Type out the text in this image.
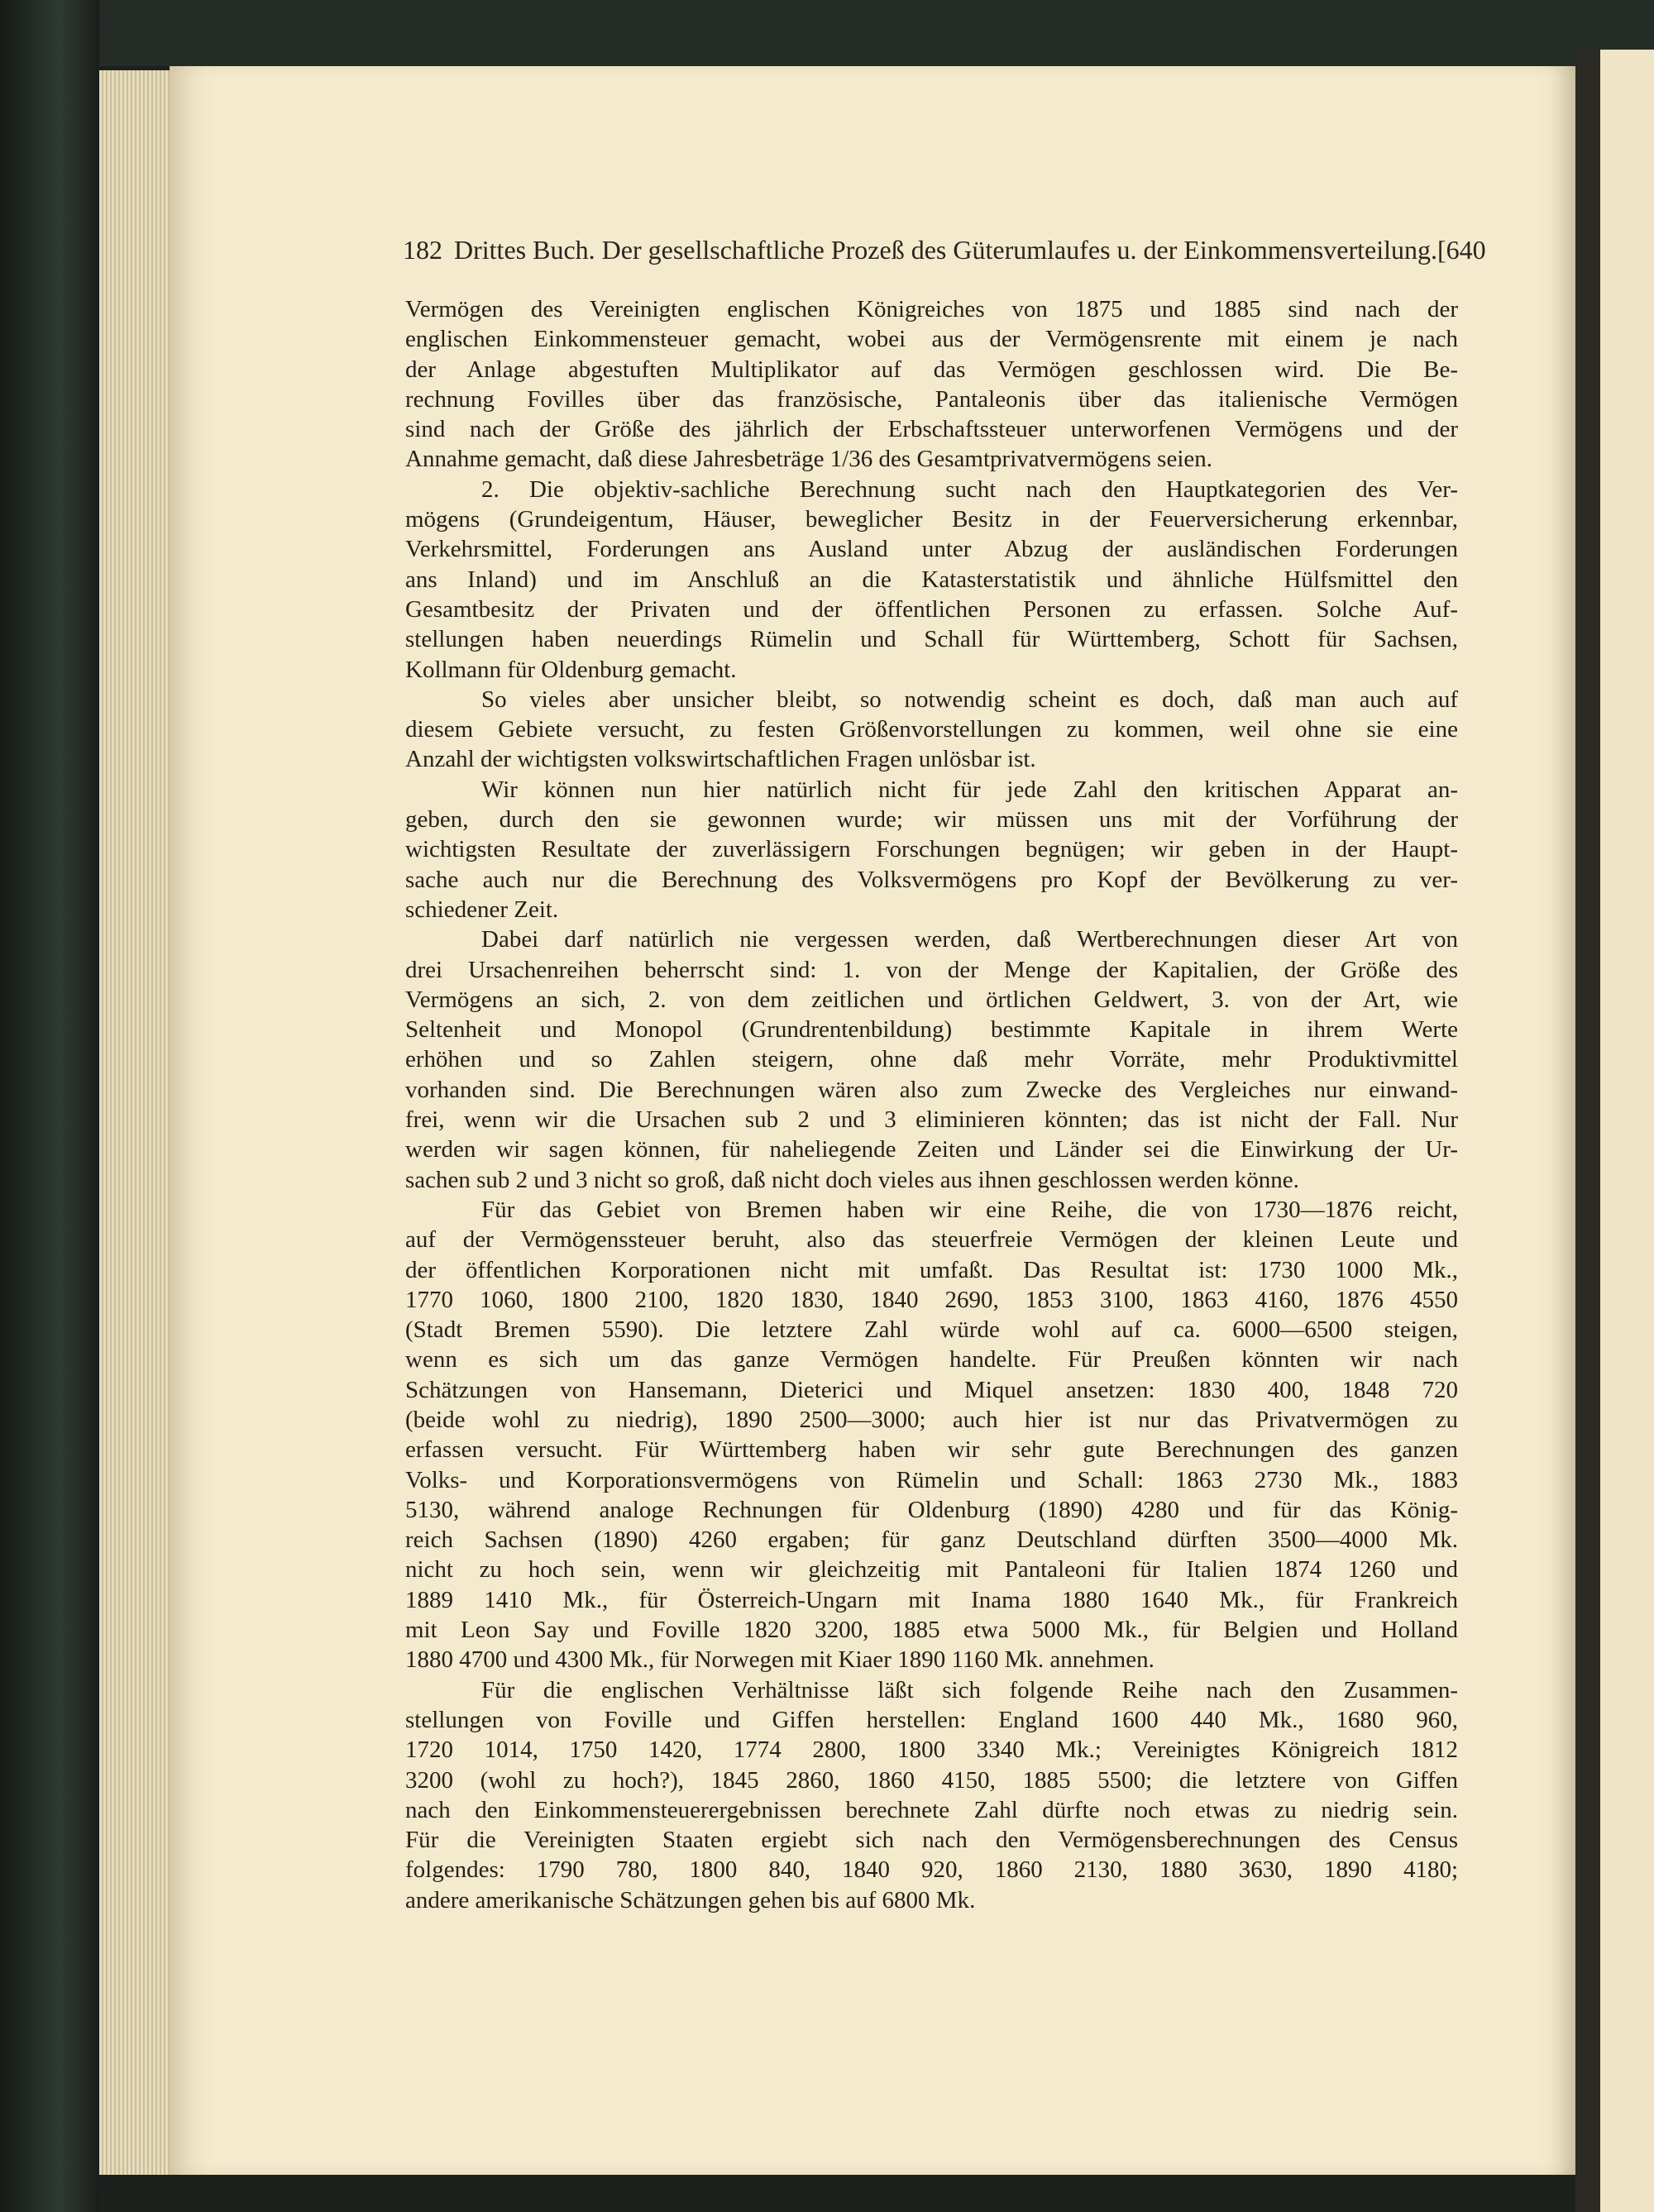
182 Drittes Buch. Der gesellschaftliche Prozeß des Güterumlaufes u. der Einkommensverteilung. [640
Vermögen des Vereinigten englischen Königreiches von 1875 und 1885 sind nach der
englischen Einkommensteuer gemacht, wobei aus der Vermögensrente mit einem je nach
der Anlage abgestuften Multiplikator auf das Vermögen geschlossen wird. Die Be-
rechnung Fovilles über das französische, Pantaleonis über das italienische Vermögen
sind nach der Größe des jährlich der Erbschaftssteuer unterworfenen Vermögens und der
Annahme gemacht, daß diese Jahresbeträge 1/36 des Gesamtprivatvermögens seien.
2. Die objektiv-sachliche Berechnung sucht nach den Hauptkategorien des Ver-
mögens (Grundeigentum, Häuser, beweglicher Besitz in der Feuerversicherung erkennbar,
Verkehrsmittel, Forderungen ans Ausland unter Abzug der ausländischen Forderungen
ans Inland) und im Anschluß an die Katasterstatistik und ähnliche Hülfsmittel den
Gesamtbesitz der Privaten und der öffentlichen Personen zu erfassen. Solche Auf-
stellungen haben neuerdings Rümelin und Schall für Württemberg, Schott für Sachsen,
Kollmann für Oldenburg gemacht.
So vieles aber unsicher bleibt, so notwendig scheint es doch, daß man auch auf
diesem Gebiete versucht, zu festen Größenvorstellungen zu kommen, weil ohne sie eine
Anzahl der wichtigsten volkswirtschaftlichen Fragen unlösbar ist.
Wir können nun hier natürlich nicht für jede Zahl den kritischen Apparat an-
geben, durch den sie gewonnen wurde; wir müssen uns mit der Vorführung der
wichtigsten Resultate der zuverlässigern Forschungen begnügen; wir geben in der Haupt-
sache auch nur die Berechnung des Volksvermögens pro Kopf der Bevölkerung zu ver-
schiedener Zeit.
Dabei darf natürlich nie vergessen werden, daß Wertberechnungen dieser Art von
drei Ursachenreihen beherrscht sind: 1. von der Menge der Kapitalien, der Größe des
Vermögens an sich, 2. von dem zeitlichen und örtlichen Geldwert, 3. von der Art, wie
Seltenheit und Monopol (Grundrentenbildung) bestimmte Kapitale in ihrem Werte
erhöhen und so Zahlen steigern, ohne daß mehr Vorräte, mehr Produktivmittel
vorhanden sind. Die Berechnungen wären also zum Zwecke des Vergleiches nur einwand-
frei, wenn wir die Ursachen sub 2 und 3 eliminieren könnten; das ist nicht der Fall. Nur
werden wir sagen können, für naheliegende Zeiten und Länder sei die Einwirkung der Ur-
sachen sub 2 und 3 nicht so groß, daß nicht doch vieles aus ihnen geschlossen werden könne.
Für das Gebiet von Bremen haben wir eine Reihe, die von 1730—1876 reicht,
auf der Vermögenssteuer beruht, also das steuerfreie Vermögen der kleinen Leute und
der öffentlichen Korporationen nicht mit umfaßt. Das Resultat ist: 1730 1000 Mk.,
1770 1060, 1800 2100, 1820 1830, 1840 2690, 1853 3100, 1863 4160, 1876 4550
(Stadt Bremen 5590). Die letztere Zahl würde wohl auf ca. 6000—6500 steigen,
wenn es sich um das ganze Vermögen handelte. Für Preußen könnten wir nach
Schätzungen von Hansemann, Dieterici und Miquel ansetzen: 1830 400, 1848 720
(beide wohl zu niedrig), 1890 2500—3000; auch hier ist nur das Privatvermögen zu
erfassen versucht. Für Württemberg haben wir sehr gute Berechnungen des ganzen
Volks- und Korporationsvermögens von Rümelin und Schall: 1863 2730 Mk., 1883
5130, während analoge Rechnungen für Oldenburg (1890) 4280 und für das König-
reich Sachsen (1890) 4260 ergaben; für ganz Deutschland dürften 3500—4000 Mk.
nicht zu hoch sein, wenn wir gleichzeitig mit Pantaleoni für Italien 1874 1260 und
1889 1410 Mk., für Österreich-Ungarn mit Inama 1880 1640 Mk., für Frankreich
mit Leon Say und Foville 1820 3200, 1885 etwa 5000 Mk., für Belgien und Holland
1880 4700 und 4300 Mk., für Norwegen mit Kiaer 1890 1160 Mk. annehmen.
Für die englischen Verhältnisse läßt sich folgende Reihe nach den Zusammen-
stellungen von Foville und Giffen herstellen: England 1600 440 Mk., 1680 960,
1720 1014, 1750 1420, 1774 2800, 1800 3340 Mk.; Vereinigtes Königreich 1812
3200 (wohl zu hoch?), 1845 2860, 1860 4150, 1885 5500; die letztere von Giffen
nach den Einkommensteuerergebnissen berechnete Zahl dürfte noch etwas zu niedrig sein.
Für die Vereinigten Staaten ergiebt sich nach den Vermögensberechnungen des Census
folgendes: 1790 780, 1800 840, 1840 920, 1860 2130, 1880 3630, 1890 4180;
andere amerikanische Schätzungen gehen bis auf 6800 Mk.
